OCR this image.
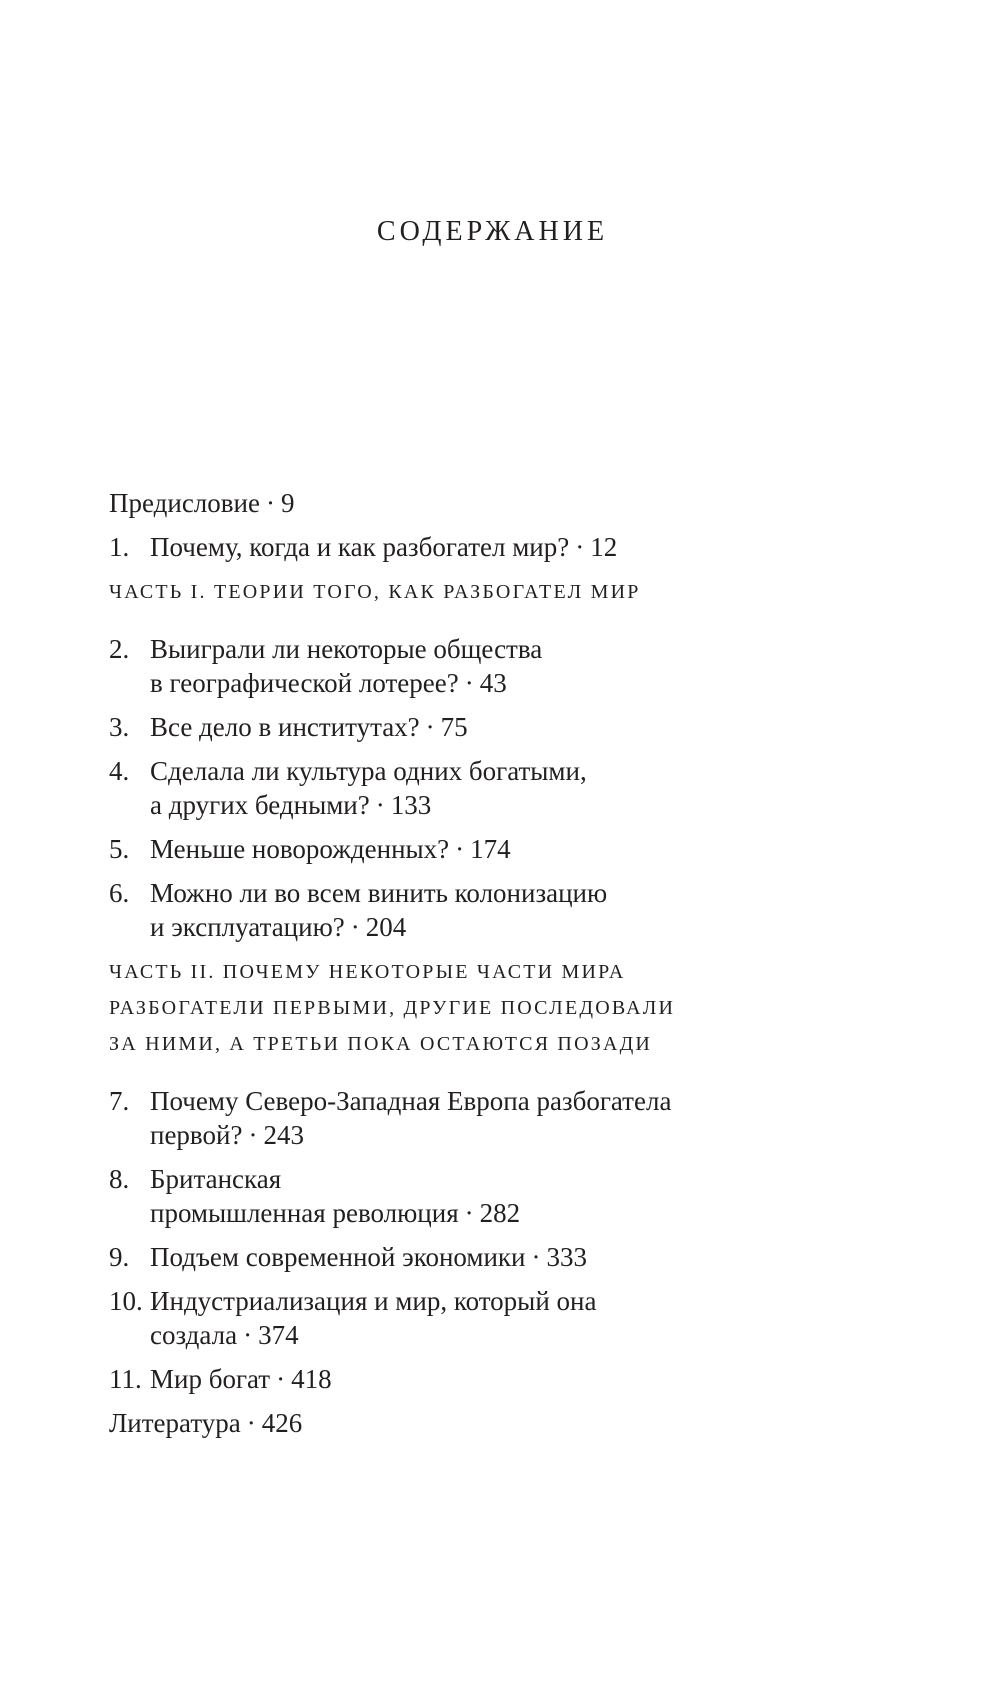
СОДЕРЖАНИЕ
Предисловие · 9
1. Почему, когда и как разбогател мир? · 12
ЧАСТЬ I. ТЕОРИИ ТОГО, КАК РАЗБОГАТЕЛ МИР
2. Выиграли ли некоторые общества
в географической лотерее? · 43
3. Все дело в институтах? · 75
4. Сделала ли культура одних богатыми,
а других бедными? · 133
5. Меньше новорожденных? · 174
6. Можно ли во всем винить колонизацию
и эксплуатацию? · 204
ЧАСТЬ II. ПОЧЕМУ НЕКОТОРЫЕ ЧАСТИ МИРА
РАЗБОГАТЕЛИ ПЕРВЫМИ, ДРУГИЕ ПОСЛЕДОВАЛИ
ЗА НИМИ, А ТРЕТЬИ ПОКА ОСТАЮТСЯ ПОЗАДИ
7. Почему Северо-Западная Европа разбогатела
первой? · 243
8. Британская
промышленная революция · 282
9. Подъем современной экономики · 333
10. Индустриализация и мир, который она
создала · 374
11. Мир богат · 418
Литература · 426
